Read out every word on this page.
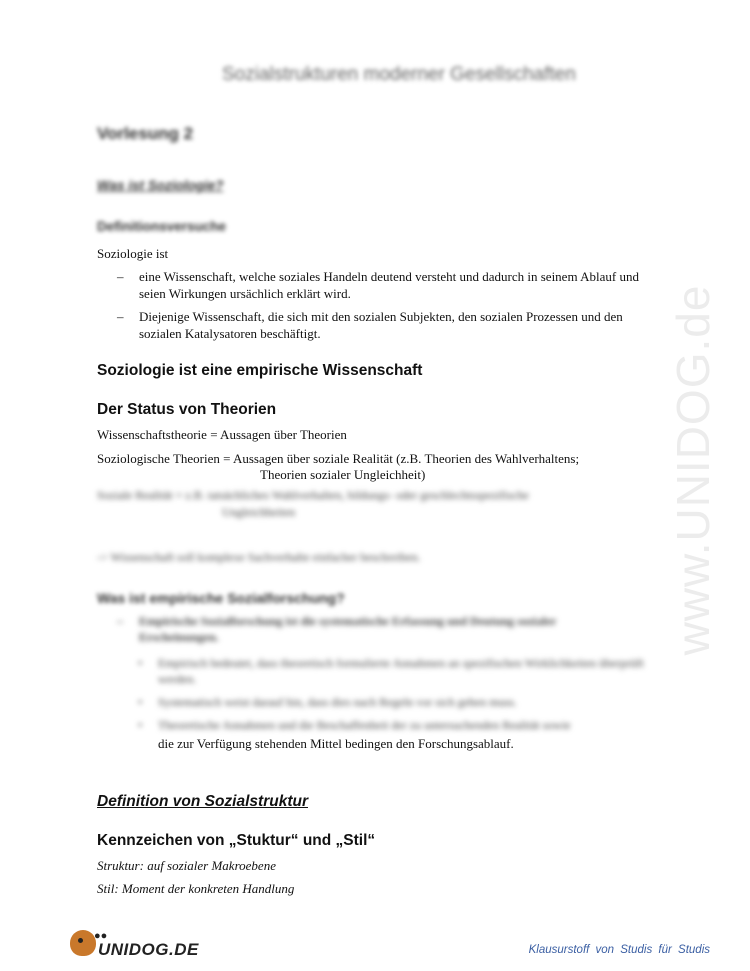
www.UNIDOG.de
Sozialstrukturen moderner Gesellschaften
Vorlesung 2
Was ist Soziologie?
Definitionsversuche
Soziologie ist
– eine Wissenschaft, welche soziales Handeln deutend versteht und dadurch in seinem Ablauf und seien Wirkungen ursächlich erklärt wird.
– Diejenige Wissenschaft, die sich mit den sozialen Subjekten, den sozialen Prozessen und den sozialen Katalysatoren beschäftigt.
Soziologie ist eine empirische Wissenschaft
Der Status von Theorien
Wissenschaftstheorie = Aussagen über Theorien
Soziologische Theorien = Aussagen über soziale Realität (z.B. Theorien des Wahlverhaltens;
Theorien sozialer Ungleichheit)
Soziale Realität = z.B. tatsächliches Wahlverhalten, bildungs- oder geschlechtsspezifische
Ungleichheiten
-> Wissenschaft soll komplexe Sachverhalte einfacher beschreiben.
Was ist empirische Sozialforschung?
– Empirische Sozialforschung ist die systematische Erfassung und Deutung sozialer
Erscheinungen.
• Empirisch bedeutet, dass theoretisch formulierte Annahmen an spezifischen Wirklichkeiten überprüft werden.
• Systematisch weist darauf hin, dass dies nach Regeln vor sich gehen muss.
• Theoretische Annahmen und die Beschaffenheit der zu untersuchenden Realität sowie
die zur Verfügung stehenden Mittel bedingen den Forschungsablauf.
Definition von Sozialstruktur
Kennzeichen von „Stuktur“ und „Stil“
Struktur: auf sozialer Makroebene
Stil: Moment der konkreten Handlung
●●
UNIDOG.DE	Klausurstoff von Studis für Studis
